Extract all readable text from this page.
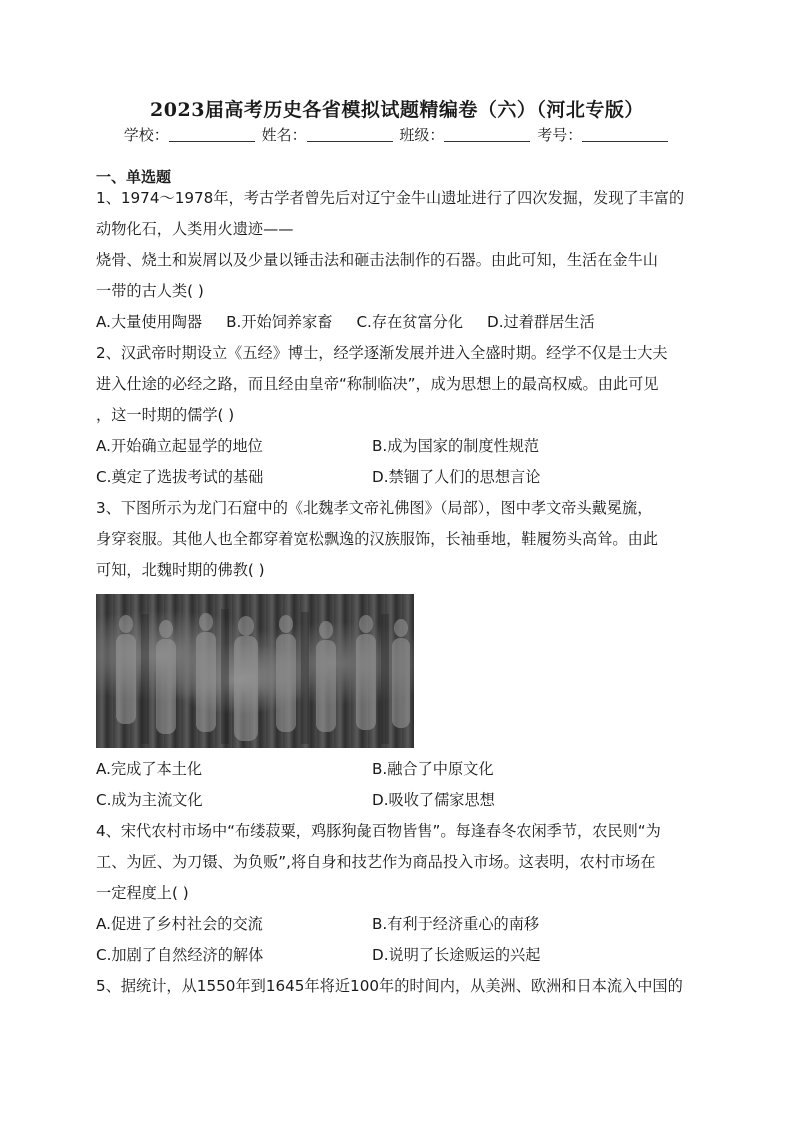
2023届高考历史各省模拟试题精编卷（六）（河北专版）
学校：	姓名：	班级：	考号：
一、单选题
1、1974～1978年，考古学者曾先后对辽宁金牛山遗址进行了四次发掘，发现了丰富的
动物化石，人类用火遗迹——
烧骨、烧土和炭屑以及少量以锤击法和砸击法制作的石器。由此可知，生活在金牛山
一带的古人类( )
A.大量使用陶器 B.开始饲养家畜 C.存在贫富分化 D.过着群居生活
2、汉武帝时期设立《五经》博士，经学逐渐发展并进入全盛时期。经学不仅是士大夫
进入仕途的必经之路，而且经由皇帝“称制临决”，成为思想上的最高权威。由此可见
，这一时期的儒学( )
A.开始确立起显学的地位	B.成为国家的制度性规范
C.奠定了选拔考试的基础	D.禁锢了人们的思想言论
3、下图所示为龙门石窟中的《北魏孝文帝礼佛图》（局部），图中孝文帝头戴冕旒，
身穿衮服。其他人也全都穿着宽松飘逸的汉族服饰，长袖垂地，鞋履笏头高耸。由此
可知，北魏时期的佛教( )
A.完成了本土化	B.融合了中原文化
C.成为主流文化	D.吸收了儒家思想
4、宋代农村市场中“布缕菽粟，鸡豚狗彘百物皆售”。每逢春冬农闲季节，农民则“为
工、为匠、为刀镊、为负贩”,将自身和技艺作为商品投入市场。这表明，农村市场在
一定程度上( )
A.促进了乡村社会的交流	B.有利于经济重心的南移
C.加剧了自然经济的解体	D.说明了长途贩运的兴起
5、据统计，从1550年到1645年将近100年的时间内，从美洲、欧洲和日本流入中国的
